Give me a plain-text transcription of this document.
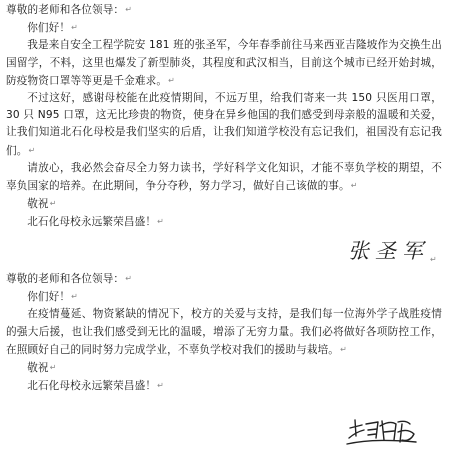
尊敬的老师和各位领导：↵
你们好！↵

我是来自安全工程学院安 181 班的张圣军，今年春季前往马来西亚吉隆坡作为交换生出国留学，不料，这里也爆发了新型肺炎，其程度和武汉相当，目前这个城市已经开始封城，防疫物资口罩等等更是千金难求。↵

不过这好，感谢母校能在此疫情期间，不远万里，给我们寄来一共 150 只医用口罩，30 只 N95 口罩，这无比珍贵的物资，使身在异乡他国的我们感受到母亲般的温暖和关爱，让我们知道北石化母校是我们坚实的后盾，让我们知道学校没有忘记我们，祖国没有忘记我们。↵

请放心，我必然会奋尽全力努力读书，学好科学文化知识，才能不辜负学校的期望，不辜负国家的培养。在此期间，争分夺秒，努力学习，做好自己该做的事。↵

敬祝↵
北石化母校永远繁荣昌盛！↵
张圣军 ↵
尊敬的老师和各位领导：↵
你们好！↵

在疫情蔓延、物资紧缺的情况下，校方的关爱与支持，是我们每一位海外学子战胜疫情的强大后援，也让我们感受到无比的温暖，增添了无穷力量。我们必将做好各项防控工作，在照顾好自己的同时努力完成学业，不辜负学校对我们的援助与栽培。↵

敬祝↵
北石化母校永远繁荣昌盛！↵
